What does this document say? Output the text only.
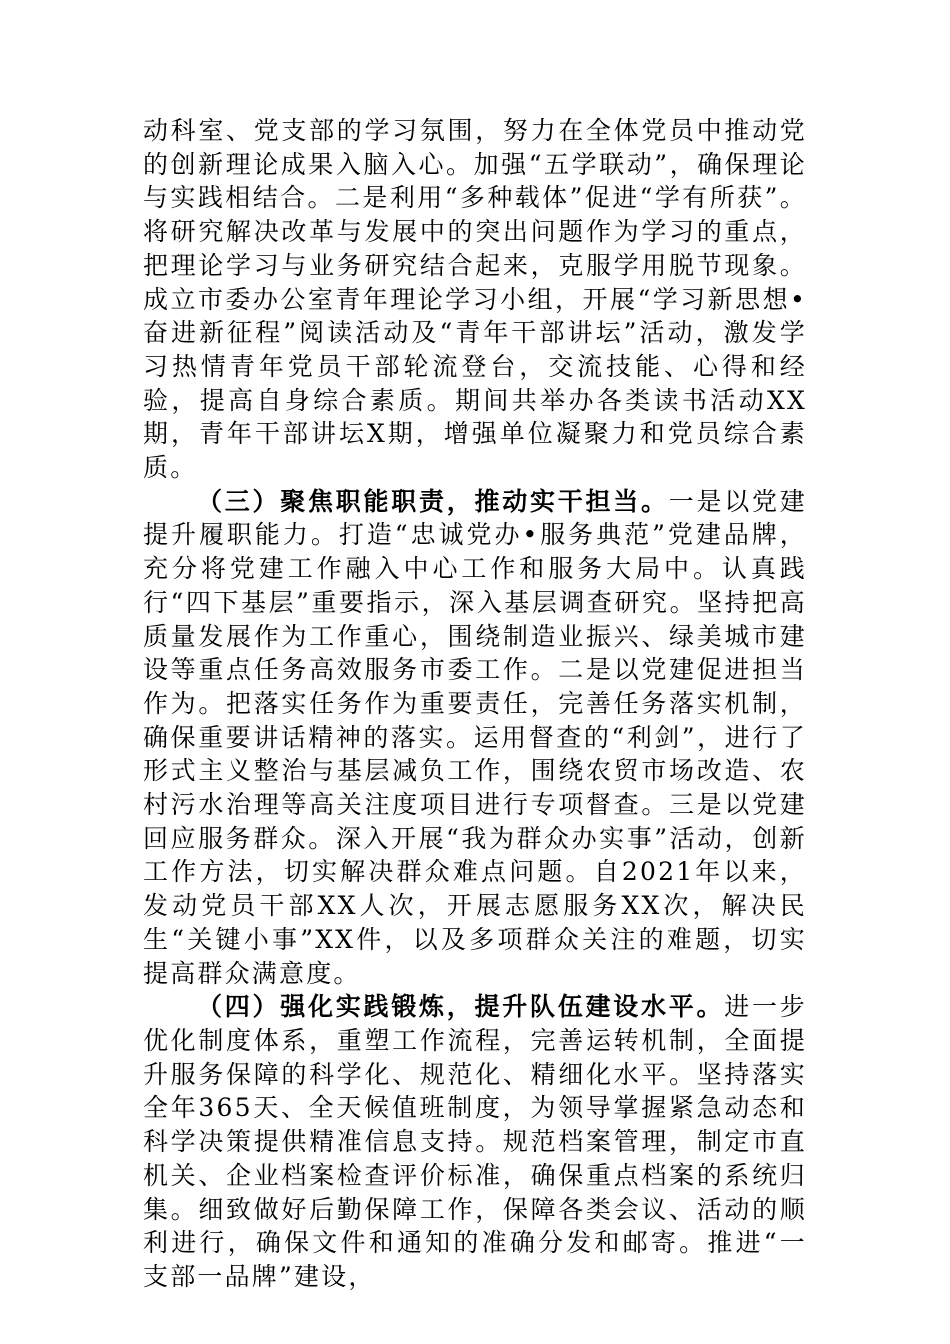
动科室、党支部的学习氛围，努力在全体党员中推动党的创新理论成果入脑入心。加强“五学联动”，确保理论与实践相结合。二是利用“多种载体”促进“学有所获”。将研究解决改革与发展中的突出问题作为学习的重点，把理论学习与业务研究结合起来，克服学用脱节现象。成立市委办公室青年理论学习小组，开展“学习新思想•奋进新征程”阅读活动及“青年干部讲坛”活动，激发学习热情青年党员干部轮流登台，交流技能、心得和经验，提高自身综合素质。期间共举办各类读书活动XX期，青年干部讲坛X期，增强单位凝聚力和党员综合素质。

（三）聚焦职能职责，推动实干担当。一是以党建提升履职能力。打造“忠诚党办•服务典范”党建品牌，充分将党建工作融入中心工作和服务大局中。认真践行“四下基层”重要指示，深入基层调查研究。坚持把高质量发展作为工作重心，围绕制造业振兴、绿美城市建设等重点任务高效服务市委工作。二是以党建促进担当作为。把落实任务作为重要责任，完善任务落实机制，确保重要讲话精神的落实。运用督查的“利剑”，进行了形式主义整治与基层减负工作，围绕农贸市场改造、农村污水治理等高关注度项目进行专项督查。三是以党建回应服务群众。深入开展“我为群众办实事”活动，创新工作方法，切实解决群众难点问题。自2021年以来，发动党员干部XX人次，开展志愿服务XX次，解决民生“关键小事”XX件，以及多项群众关注的难题，切实提高群众满意度。

（四）强化实践锻炼，提升队伍建设水平。进一步优化制度体系，重塑工作流程，完善运转机制，全面提升服务保障的科学化、规范化、精细化水平。坚持落实全年365天、全天候值班制度，为领导掌握紧急动态和科学决策提供精准信息支持。规范档案管理，制定市直机关、企业档案检查评价标准，确保重点档案的系统归集。细致做好后勤保障工作，保障各类会议、活动的顺利进行，确保文件和通知的准确分发和邮寄。推进“一支部一品牌”建设，
